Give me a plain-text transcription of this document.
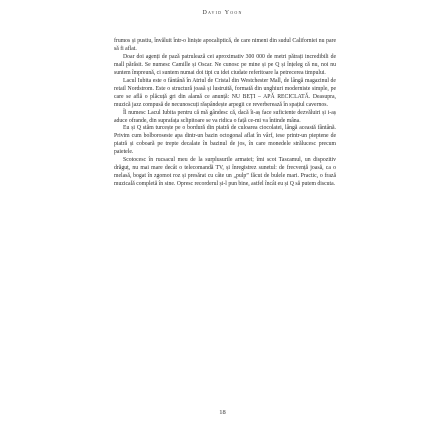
David Yoon

frumos și pustiu, învăluit într-o liniște apocaliptică, de care nimeni din sudul Californiei nu pare să fi aflat.

Doar doi agenți de pază patrulează cei aproximativ 300 000 de metri pătrați incredibili de mall părăsit. Se numesc Camille și Oscar. Ne cunosc pe mine și pe Q și înțeleg că nu, noi nu suntem împreună, ci suntem numai doi tipi cu idei ciudate referitoare la petrecerea timpului.

Lacul Iubita este o fântână în Atriul de Cristal din Westchester Mall, de lângă magazinul de retail Nordstrom. Este o structură joasă și lustruită, formată din unghiuri moderniste simple, pe care se află o plăcuță gri din alamă ce anunță: NU BEȚI – APĂ RECICLATĂ. Deasupra, muzică jazz compusă de necunoscuți răspândește arpegii ce reverberează în spațiul cavernos.

Îl numesc Lacul Iubita pentru că mă gândesc că, dacă îi-aș face suficiente dezvăluiri și i-aș aduce ofrande, din suprafața sclipitoare se va ridica o față ce-mi va întinde mâna.

Eu și Q stăm turcește pe o bordură din piatră de culoarea ciocolatei, lângă această fântână. Privim cum bolboroseste apa dintr-un bazin octogonal aflat în vârf, iese printr-un pieptene de piatră și coboară pe trepte decalate în bazinul de jos, în care monedele strălucesc precum paietele.

Scotocesc în rucsacul meu de la surplusurile armatei; îmi scot Tascamul, un dispozitiv drăguț, nu mai mare decât o telecomandă TV, și înregistrez sunetul: de frecvență joasă, ca o melasă, bogat în zgomot roz și presărat cu câte un „pulp” făcut de bulele mari. Practic, o frază muzicală completă în sine. Opresc recorderul și-l pun bine, astfel încât eu și Q să putem discuta.

18
